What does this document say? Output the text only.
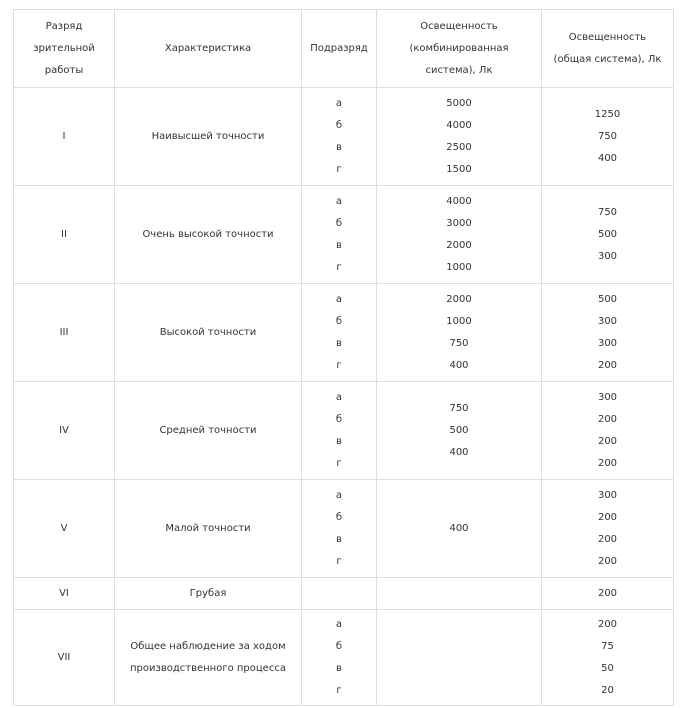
Разряд
зрительной
работы	Характеристика	Подразряд	Освещенность
(комбинированная
система), Лк	Освещенность
(общая система), Лк

I	Наивысшей точности	а
б
в
г	5000
4000
2500
1500	1250
750
400

II	Очень высокой точности	а
б
в
г	4000
3000
2000
1000	750
500
300

III	Высокой точности	а
б
в
г	2000
1000
750
400	500
300
300
200

IV	Средней точности	а
б
в
г	750
500
400	300
200
200
200

V	Малой точности	а
б
в
г	400	300
200
200
200

VI	Грубая			200

VII	Общее наблюдение за ходом
производственного процесса	а
б
в
г		200
75
50
20
